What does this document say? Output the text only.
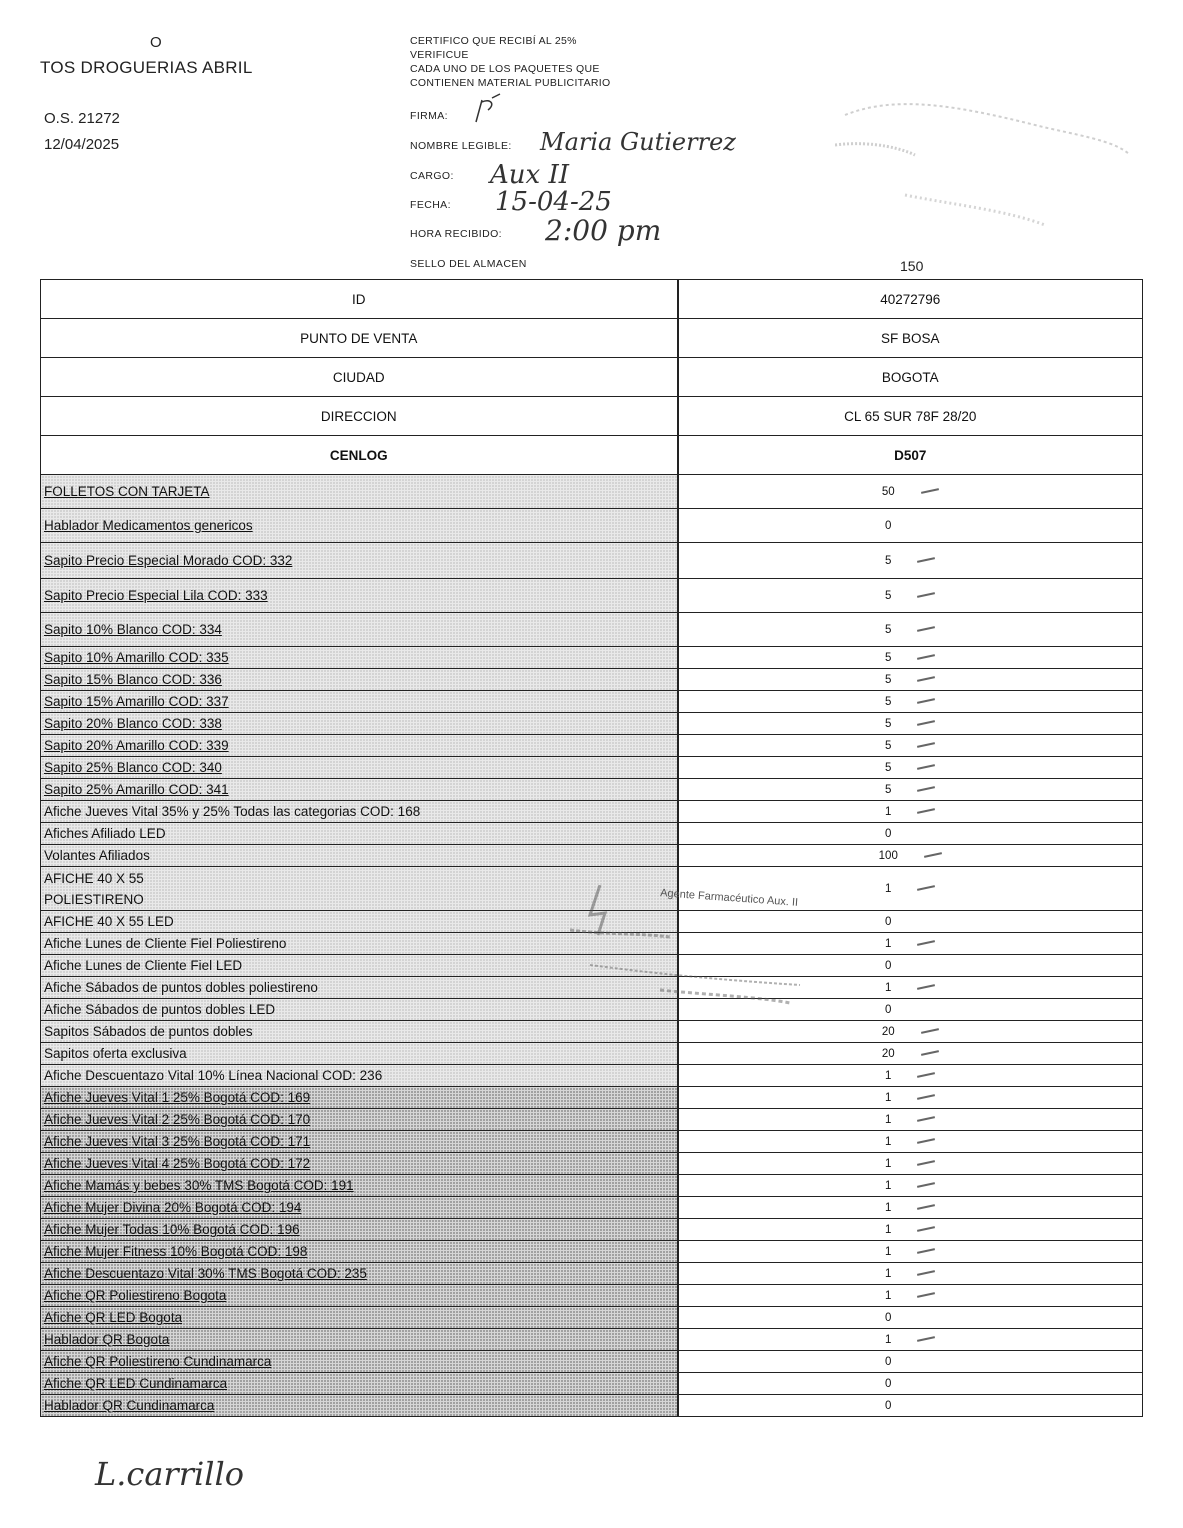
O
TOS DROGUERIAS ABRIL
O.S. 21272
12/04/2025
CERTIFICO QUE RECIBÍ AL 25%
VERIFICUE
CADA UNO DE LOS PAQUETES QUE
CONTIENEN MATERIAL PUBLICITARIO
FIRMA:
NOMBRE LEGIBLE: Maria Gutierrez
CARGO: Aux II
FECHA: 15-04-25
HORA RECIBIDO: 2:00 pm
SELLO DEL ALMACEN	150
ID	40272796
PUNTO DE VENTA	SF BOSA
CIUDAD	BOGOTA
DIRECCION	CL 65 SUR 78F 28/20
CENLOG	D507
FOLLETOS CON TARJETA	50
Hablador Medicamentos genericos	0
Sapito Precio Especial Morado COD: 332	5
Sapito Precio Especial Lila COD: 333	5
Sapito 10% Blanco COD: 334	5
Sapito 10% Amarillo COD: 335	5
Sapito 15% Blanco COD: 336	5
Sapito 15% Amarillo COD: 337	5
Sapito 20% Blanco COD: 338	5
Sapito 20% Amarillo COD: 339	5
Sapito 25% Blanco COD: 340	5
Sapito 25% Amarillo COD: 341	5
Afiche Jueves Vital 35% y 25% Todas las categorias COD: 168	1
Afiches Afiliado LED	0
Volantes Afiliados	100
AFICHE 40 X 55
POLIESTIRENO	1
AFICHE 40 X 55 LED	0
Afiche Lunes de Cliente Fiel Poliestireno	1
Afiche Lunes de Cliente Fiel LED	0
Afiche Sábados de puntos dobles poliestireno	1
Afiche Sábados de puntos dobles LED	0
Sapitos Sábados de puntos dobles	20
Sapitos oferta exclusiva	20
Afiche Descuentazo Vital 10% Línea Nacional COD: 236	1
Afiche Jueves Vital 1 25% Bogotá COD: 169	1
Afiche Jueves Vital 2 25% Bogotá COD: 170	1
Afiche Jueves Vital 3 25% Bogotá COD: 171	1
Afiche Jueves Vital 4 25% Bogotá COD: 172	1
Afiche Mamás y bebes 30% TMS Bogotá COD: 191	1
Afiche Mujer Divina 20% Bogotá COD: 194	1
Afiche Mujer Todas 10% Bogotá COD: 196	1
Afiche Mujer Fitness 10% Bogotá COD: 198	1
Afiche Descuentazo Vital 30% TMS Bogotá COD: 235	1
Afiche QR Poliestireno Bogota	1
Afiche QR LED Bogota	0
Hablador QR Bogota	1
Afiche QR Poliestireno Cundinamarca	0
Afiche QR LED Cundinamarca	0
Hablador QR Cundinamarca	0
Agente Farmacéutico Aux. II
L.carrillo
